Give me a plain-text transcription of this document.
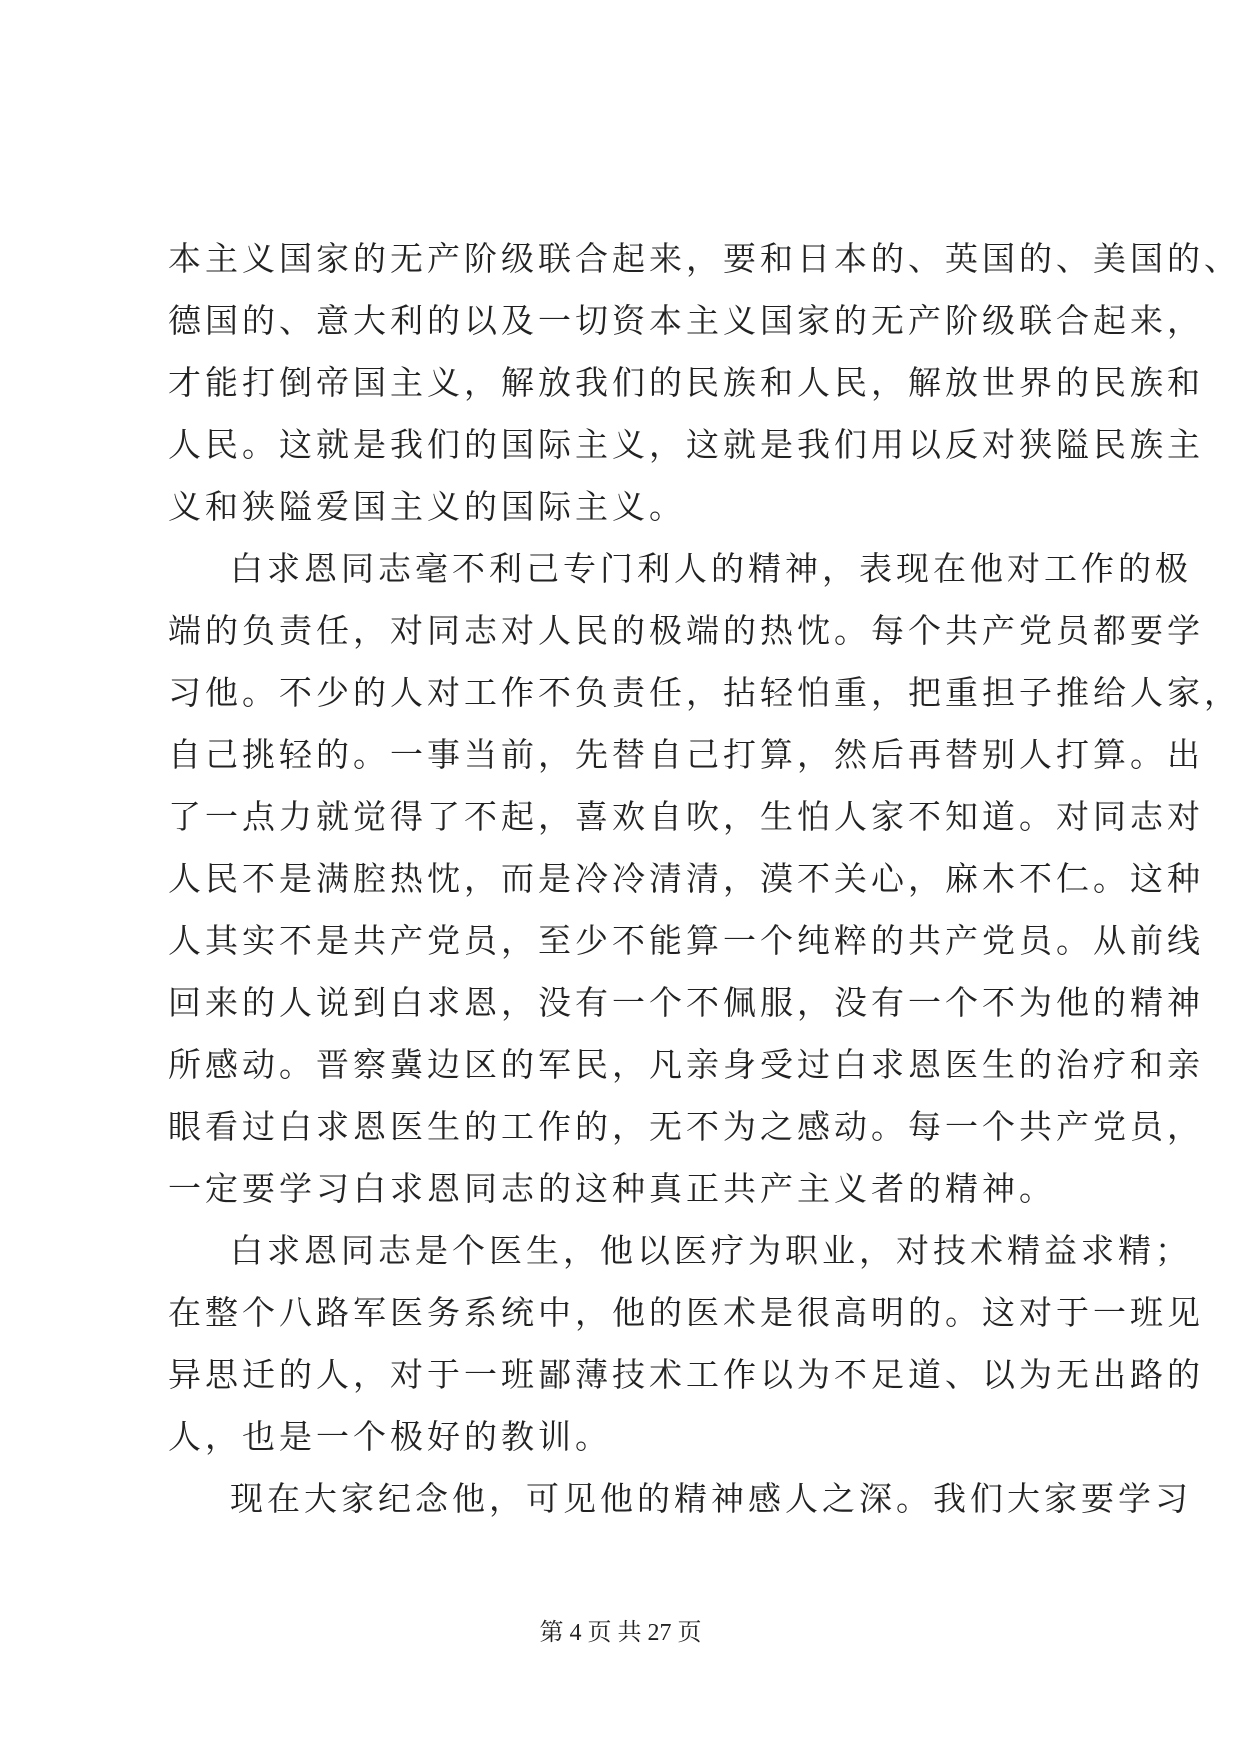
本主义国家的无产阶级联合起来，要和日本的、英国的、美国的、
德国的、意大利的以及一切资本主义国家的无产阶级联合起来，
才能打倒帝国主义，解放我们的民族和人民，解放世界的民族和
人民。这就是我们的国际主义，这就是我们用以反对狭隘民族主
义和狭隘爱国主义的国际主义。
白求恩同志毫不利己专门利人的精神，表现在他对工作的极
端的负责任，对同志对人民的极端的热忱。每个共产党员都要学
习他。不少的人对工作不负责任，拈轻怕重，把重担子推给人家，
自己挑轻的。一事当前，先替自己打算，然后再替别人打算。出
了一点力就觉得了不起，喜欢自吹，生怕人家不知道。对同志对
人民不是满腔热忱，而是冷冷清清，漠不关心，麻木不仁。这种
人其实不是共产党员，至少不能算一个纯粹的共产党员。从前线
回来的人说到白求恩，没有一个不佩服，没有一个不为他的精神
所感动。晋察冀边区的军民，凡亲身受过白求恩医生的治疗和亲
眼看过白求恩医生的工作的，无不为之感动。每一个共产党员，
一定要学习白求恩同志的这种真正共产主义者的精神。
白求恩同志是个医生，他以医疗为职业，对技术精益求精；
在整个八路军医务系统中，他的医术是很高明的。这对于一班见
异思迁的人，对于一班鄙薄技术工作以为不足道、以为无出路的
人，也是一个极好的教训。
现在大家纪念他，可见他的精神感人之深。我们大家要学习
第 4 页 共 27 页
